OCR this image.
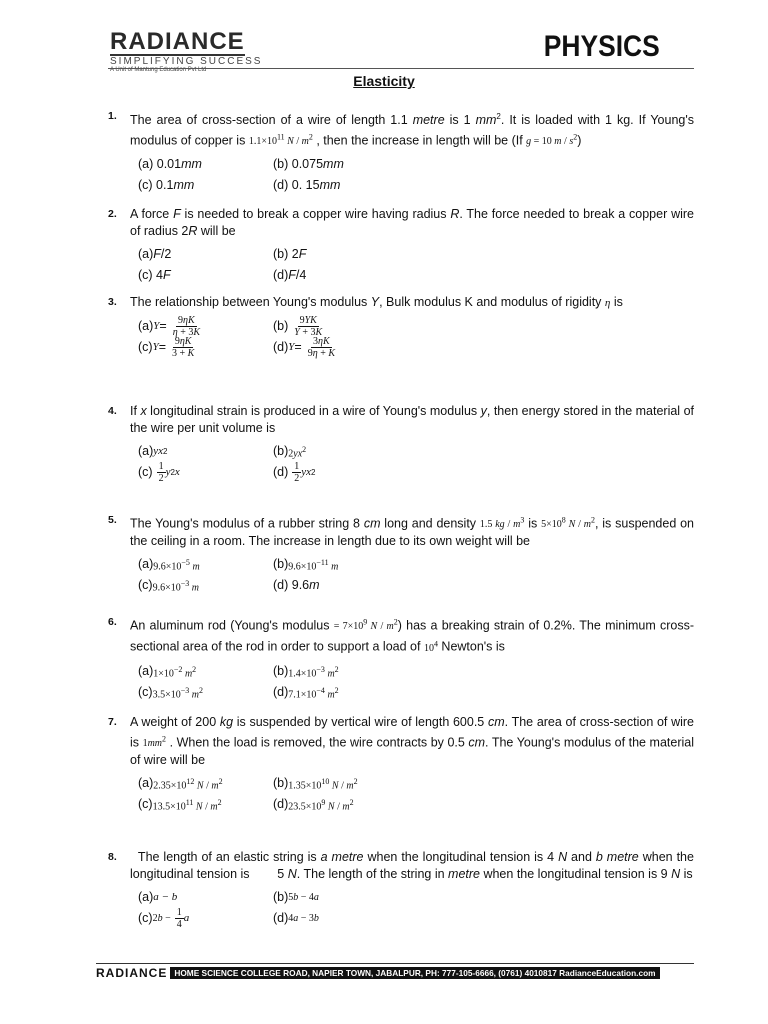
RADIANCE
SIMPLIFYING SUCCESS
A Unit of Mantung Education Pvt Ltd
PHYSICS
Elasticity
1. The area of cross-section of a wire of length 1.1 metre is 1 $mm^2$. It is loaded with 1 kg. If Young's modulus of copper is $1.1\times 10^{11}$ N / $m^2$ , then the increase in length will be (If g = 10 m / $s^2$)
(a) 0.01 mm	(b) 0.075 mm
(c) 0.1 mm	(d) 0. 15 mm
2. A force F is needed to break a copper wire having radius R. The force needed to break a copper wire of radius 2R will be
(a) F /2	(b) 2 F
(c) 4 F	(d) F /4
3. The relationship between Young's modulus Y, Bulk modulus K and modulus of rigidity η is
(a) $Y = \frac{9\eta K}{\eta + 3K}$	$(b) \frac{9YK}{Y + 3K}$
(c) $Y = \frac{9\eta K}{3 + K}$	(d) $Y = \frac{3\eta K}{9\eta + K}$
4. If x longitudinal strain is produced in a wire of Young's modulus y, then energy stored in the material of the wire per unit volume is
(a) yx 2	(b) $2yx^2$
$(c) \frac{1}{2}$ y 2 x	$(d) \frac{1}{2}$ yx 2
5. The Young's modulus of a rubber string 8 cm long and density 1.5 kg / $m^3$ is $5\times 10^8$ N / $m^2$, is suspended on the ceiling in a room. The increase in length due to its own weight will be
(a) $9.6\times 10^{-5}$ m	(b) $9.6\times 10^{-11}$ m
(c) $9.6\times 10^{-3}$ m	(d) 9.6 m
6. An aluminum rod (Young's modulus = $7\times 10^9$ N / $m^2$) has a breaking strain of 0.2%. The minimum cross-sectional area of the rod in order to support a load of $10^4$ Newton's is
(a) $1\times 10^{-2}$ $m^2$	(b) $1.4\times 10^{-3}$ $m^2$
(c) $3.5\times 10^{-3}$ $m^2$	(d) $7.1\times 10^{-4}$ $m^2$
7. A weight of 200 kg is suspended by vertical wire of length 600.5 cm. The area of cross-section of wire is $1mm^2$ . When the load is removed, the wire contracts by 0.5 cm. The Young's modulus of the material of wire will be
(a) $2.35\times 10^{12}$ N / $m^2$	(b) $1.35\times 10^{10}$ N / $m^2$
(c) $13.5\times 10^{11}$ N / $m^2$	(d) $23.5\times 10^9$ N / $m^2$
8. The length of an elastic string is a metre when the longitudinal tension is 4 N and b metre when the longitudinal tension is        5 N. The length of the string in metre when the longitudinal tension is 9 N is
(a) a − b	(b) 5b − 4a
(c) $2b - \frac{1}{4}$ a	(d) 4a − 3b
RADIANCE HOME SCIENCE COLLEGE ROAD, NAPIER TOWN, JABALPUR, PH: 777-105-6666, (0761) 4010817 RadianceEducation.com
